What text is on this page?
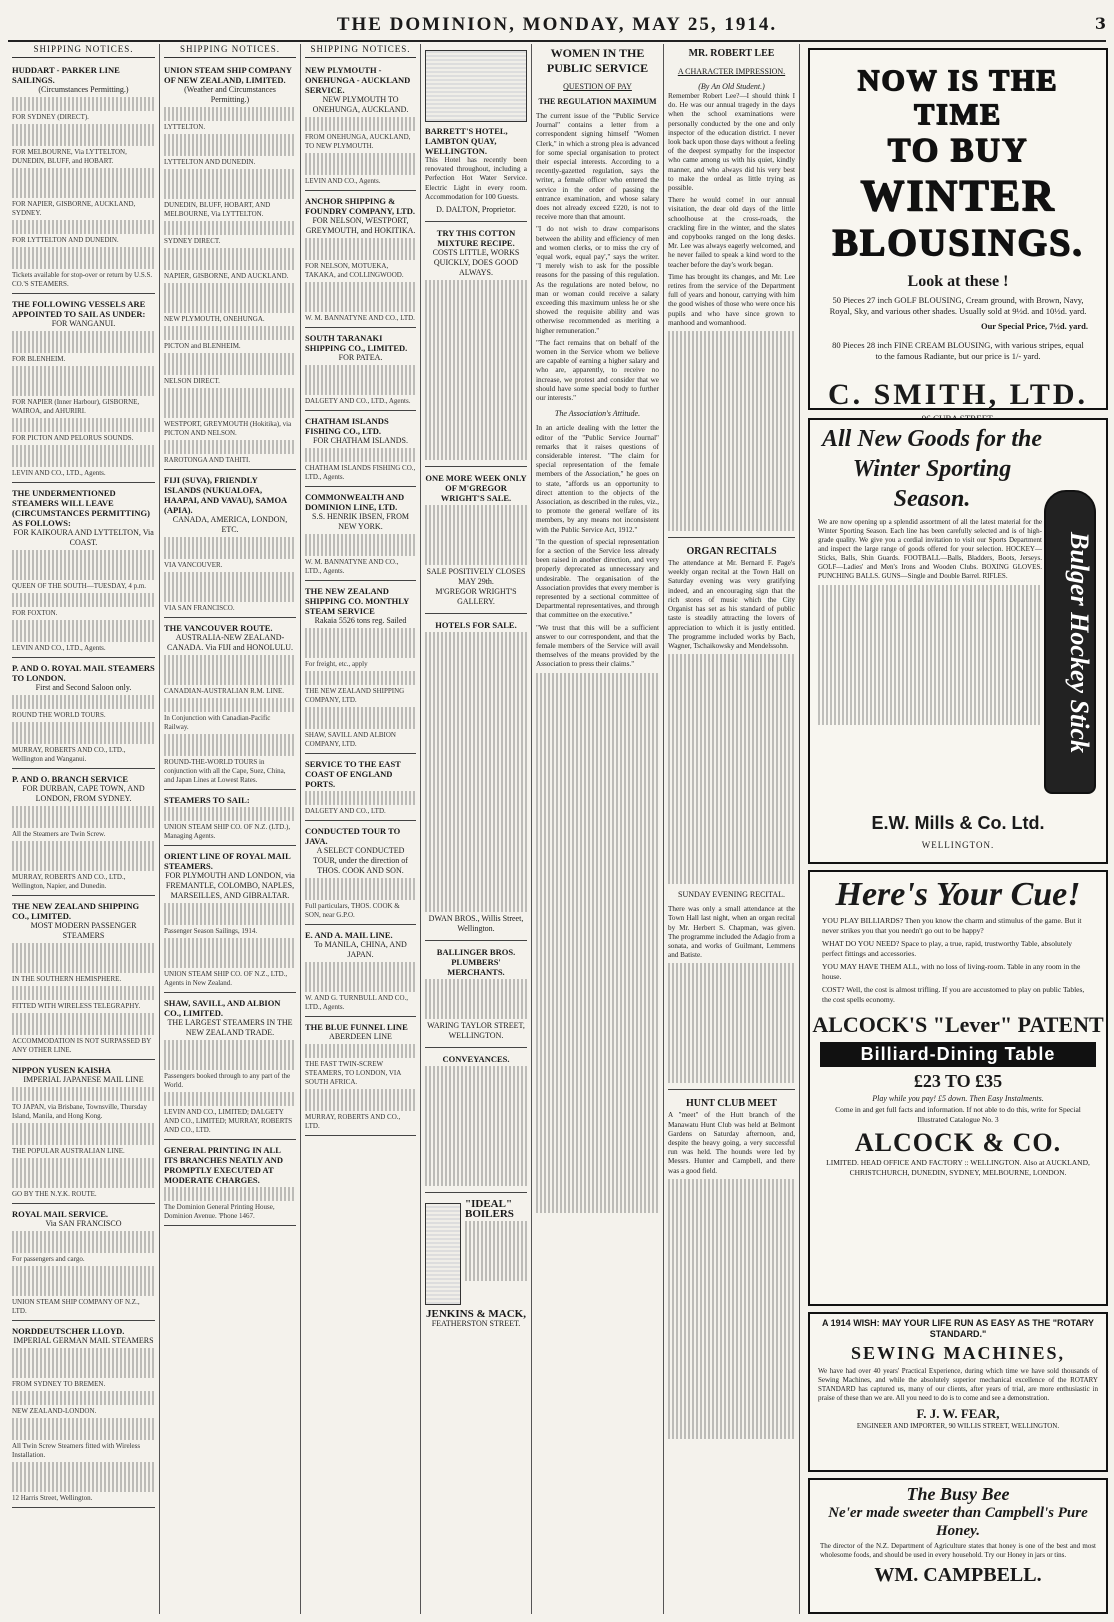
THE DOMINION, MONDAY, MAY 25, 1914.	3
SHIPPING NOTICES.
HUDDART - PARKER LINE SAILINGS.
(Circumstances Permitting.)
FOR SYDNEY (DIRECT).
FOR MELBOURNE, Via LYTTELTON, DUNEDIN, BLUFF, and HOBART.
FOR NAPIER, GISBORNE, AUCKLAND, SYDNEY.
FOR LYTTELTON AND DUNEDIN.
Tickets available for stop-over or return by U.S.S. CO.'S STEAMERS.
THE FOLLOWING VESSELS ARE APPOINTED TO SAIL AS UNDER:
FOR WANGANUI.
FOR BLENHEIM.
FOR NAPIER (Inner Harbour), GISBORNE, WAIROA, and AHURIRI.
FOR PICTON AND PELORUS SOUNDS.
LEVIN AND CO., LTD., Agents.
THE UNDERMENTIONED STEAMERS WILL LEAVE (CIRCUMSTANCES PERMITTING) AS FOLLOWS:
FOR KAIKOURA AND LYTTELTON, Via COAST.
QUEEN OF THE SOUTH—TUESDAY, 4 p.m.
FOR FOXTON.
LEVIN AND CO., LTD., Agents.
P. AND O. ROYAL MAIL STEAMERS TO LONDON.
First and Second Saloon only.
ROUND THE WORLD TOURS.
MURRAY, ROBERTS AND CO., LTD., Wellington and Wanganui.
P. AND O. BRANCH SERVICE
FOR DURBAN, CAPE TOWN, AND LONDON, FROM SYDNEY.
All the Steamers are Twin Screw.
MURRAY, ROBERTS AND CO., LTD., Wellington, Napier, and Dunedin.
THE NEW ZEALAND SHIPPING CO., LIMITED.
MOST MODERN PASSENGER STEAMERS
IN THE SOUTHERN HEMISPHERE.
FITTED WITH WIRELESS TELEGRAPHY.
ACCOMMODATION IS NOT SURPASSED BY ANY OTHER LINE.
NIPPON YUSEN KAISHA
IMPERIAL JAPANESE MAIL LINE
TO JAPAN, via Brisbane, Townsville, Thursday Island, Manila, and Hong Kong.
THE POPULAR AUSTRALIAN LINE.
GO BY THE N.Y.K. ROUTE.
ROYAL MAIL SERVICE.
Via SAN FRANCISCO
For passengers and cargo.
UNION STEAM SHIP COMPANY OF N.Z., LTD.
NORDDEUTSCHER LLOYD.
IMPERIAL GERMAN MAIL STEAMERS
FROM SYDNEY TO BREMEN.
NEW ZEALAND-LONDON.
All Twin Screw Steamers fitted with Wireless Installation.
12 Harris Street, Wellington.
SHIPPING NOTICES.
UNION STEAM SHIP COMPANY OF NEW ZEALAND, LIMITED.
(Weather and Circumstances Permitting.)
LYTTELTON.
LYTTELTON AND DUNEDIN.
DUNEDIN, BLUFF, HOBART, AND MELBOURNE, Via LYTTELTON.
SYDNEY DIRECT.
NAPIER, GISBORNE, AND AUCKLAND.
NEW PLYMOUTH, ONEHUNGA.
PICTON and BLENHEIM.
NELSON DIRECT.
WESTPORT, GREYMOUTH (Hokitika), via PICTON AND NELSON.
RAROTONGA AND TAHITI.
FIJI (SUVA), FRIENDLY ISLANDS (NUKUALOFA, HAAPAI, AND VAVAU), SAMOA (APIA).
CANADA, AMERICA, LONDON, ETC.
VIA VANCOUVER.
VIA SAN FRANCISCO.
THE VANCOUVER ROUTE.
AUSTRALIA-NEW ZEALAND-CANADA. Via FIJI and HONOLULU.
CANADIAN-AUSTRALIAN R.M. LINE.
In Conjunction with Canadian-Pacific Railway.
ROUND-THE-WORLD TOURS in conjunction with all the Cape, Suez, China, and Japan Lines at Lowest Rates.
STEAMERS TO SAIL:
UNION STEAM SHIP CO. OF N.Z. (LTD.), Managing Agents.
ORIENT LINE OF ROYAL MAIL STEAMERS.
FOR PLYMOUTH AND LONDON, via FREMANTLE, COLOMBO, NAPLES, MARSEILLES, AND GIBRALTAR.
Passenger Season Sailings, 1914.
UNION STEAM SHIP CO. OF N.Z., LTD., Agents in New Zealand.
SHAW, SAVILL, AND ALBION CO., LIMITED.
THE LARGEST STEAMERS IN THE NEW ZEALAND TRADE.
Passengers booked through to any part of the World.
LEVIN AND CO., LIMITED; DALGETY AND CO., LIMITED; MURRAY, ROBERTS AND CO., LTD.
GENERAL PRINTING IN ALL ITS BRANCHES NEATLY AND PROMPTLY EXECUTED AT MODERATE CHARGES.
The Dominion General Printing House, Dominion Avenue. 'Phone 1467.
SHIPPING NOTICES.
NEW PLYMOUTH - ONEHUNGA - AUCKLAND SERVICE.
NEW PLYMOUTH TO ONEHUNGA, AUCKLAND.
FROM ONEHUNGA, AUCKLAND, TO NEW PLYMOUTH.
LEVIN AND CO., Agents.
ANCHOR SHIPPING & FOUNDRY COMPANY, LTD.
FOR NELSON, WESTPORT, GREYMOUTH, and HOKITIKA.
FOR NELSON, MOTUEKA, TAKAKA, and COLLINGWOOD.
W. M. BANNATYNE AND CO., LTD.
SOUTH TARANAKI SHIPPING CO., LIMITED.
FOR PATEA.
DALGETY AND CO., LTD., Agents.
CHATHAM ISLANDS FISHING CO., LTD.
FOR CHATHAM ISLANDS.
CHATHAM ISLANDS FISHING CO., LTD., Agents.
COMMONWEALTH AND DOMINION LINE, LTD.
S.S. HENRIK IBSEN, FROM NEW YORK.
W. M. BANNATYNE AND CO., LTD., Agents.
THE NEW ZEALAND SHIPPING CO. MONTHLY STEAM SERVICE
Rakaia 5526 tons reg. Sailed
For freight, etc., apply
THE NEW ZEALAND SHIPPING COMPANY, LTD.
SHAW, SAVILL AND ALBION COMPANY, LTD.
SERVICE TO THE EAST COAST OF ENGLAND PORTS.
DALGETY AND CO., LTD.
CONDUCTED TOUR TO JAVA.
A SELECT CONDUCTED TOUR, under the direction of THOS. COOK AND SON.
Full particulars, THOS. COOK & SON, near G.P.O.
E. AND A. MAIL LINE.
To MANILA, CHINA, AND JAPAN.
W. AND G. TURNBULL AND CO., LTD., Agents.
THE BLUE FUNNEL LINE
ABERDEEN LINE
THE FAST TWIN-SCREW STEAMERS, TO LONDON, VIA SOUTH AFRICA.
MURRAY, ROBERTS AND CO., LTD.
BARRETT'S HOTEL, LAMBTON QUAY, WELLINGTON.
This Hotel has recently been renovated throughout, including a Perfection Hot Water Service. Electric Light in every room. Accommodation for 100 Guests.
D. DALTON, Proprietor.
TRY THIS COTTON MIXTURE RECIPE.
COSTS LITTLE, WORKS QUICKLY, DOES GOOD ALWAYS.
ONE MORE WEEK ONLY OF M'GREGOR WRIGHT'S SALE.
SALE POSITIVELY CLOSES MAY 29th.
M'GREGOR WRIGHT'S GALLERY.
HOTELS FOR SALE.
DWAN BROS., Willis Street, Wellington.
BALLINGER BROS. PLUMBERS' MERCHANTS.
WARING TAYLOR STREET, WELLINGTON.
CONVEYANCES.
"IDEAL" BOILERS
JENKINS & MACK,
FEATHERSTON STREET.
WOMEN IN THE PUBLIC SERVICE
QUESTION OF PAY
THE REGULATION MAXIMUM

The current issue of the "Public Service Journal" contains a letter from a correspondent signing himself "Women Clerk," in which a strong plea is advanced for some special organisation to protect their especial interests. According to a recently-gazetted regulation, says the writer, a female officer who entered the service in the order of passing the entrance examination, and whose salary does not already exceed £220, is not to receive more than that amount.

"I do not wish to draw comparisons between the ability and efficiency of men and women clerks, or to miss the cry of 'equal work, equal pay'," says the writer. "I merely wish to ask for the possible reasons for the passing of this regulation. As the regulations are noted below, no man or woman could receive a salary exceeding this maximum unless he or she showed the requisite ability and was otherwise recommended as meriting a higher remuneration."

"The fact remains that on behalf of the women in the Service whom we believe are capable of earning a higher salary and who are, apparently, to receive no increase, we protest and consider that we should have some special body to further our interests."

The Association's Attitude.

In an article dealing with the letter the editor of the "Public Service Journal" remarks that it raises questions of considerable interest. "The claim for special representation of the female members of the Association," he goes on to state, "affords us an opportunity to direct attention to the objects of the Association, as described in the rules, viz., to promote the general welfare of its members, by any means not inconsistent with the Public Service Act, 1912."

"In the question of special representation for a section of the Service less already been raised in another direction, and very properly deprecated as unnecessary and undesirable. The organisation of the Association provides that every member is represented by a sectional committee of Departmental representatives, and through that committee on the executive."

"We trust that this will be a sufficient answer to our correspondent, and that the female members of the Service will avail themselves of the means provided by the Association to press their claims."

MR. ROBERT LEE
A CHARACTER IMPRESSION.
(By An Old Student.)

Remember Robert Lee?—I should think I do. He was our annual tragedy in the days when the school examinations were personally conducted by the one and only inspector of the education district. I never look back upon those days without a feeling of the deepest sympathy for the inspector who came among us with his quiet, kindly manner, and who always did his very best to make the ordeal as little trying as possible.

There he would come! in our annual visitation, the dear old days of the little schoolhouse at the cross-roads, the crackling fire in the winter, and the slates and copybooks ranged on the long desks. Mr. Lee was always eagerly welcomed, and he never failed to speak a kind word to the teacher before the day's work began.

Time has brought its changes, and Mr. Lee retires from the service of the Department full of years and honour, carrying with him the good wishes of those who were once his pupils and who have since grown to manhood and womanhood.

ORGAN RECITALS

The attendance at Mr. Bernard F. Page's weekly organ recital at the Town Hall on Saturday evening was very gratifying indeed, and an encouraging sign that the rich stores of music which the City Organist has set as his standard of public taste is steadily attracting the lovers of appreciation to which it is justly entitled. The programme included works by Bach, Wagner, Tschaikowsky and Mendelssohn.

SUNDAY EVENING RECITAL.

There was only a small attendance at the Town Hall last night, when an organ recital by Mr. Herbert S. Chapman, was given. The programme included the Adagio from a sonata, and works of Guilmant, Lemmens and Batiste.

HUNT CLUB MEET

A "meet" of the Hutt branch of the Manawatu Hunt Club was held at Belmont Gardens on Saturday afternoon, and, despite the heavy going, a very successful run was held. The hounds were led by Messrs. Hunter and Campbell, and there was a good field.

NOW IS THE TIME
TO BUY
WINTER
BLOUSINGS.
Look at these !
50 Pieces 27 inch GOLF BLOUSING, Cream ground, with Brown, Navy, Royal, Sky, and various other shades. Usually sold at 9½d. and 10½d. yard.
Our Special Price, 7½d. yard.
80 Pieces 28 inch FINE CREAM BLOUSING, with various stripes, equal to the famous Radiante, but our price is 1/- yard.
C. SMITH, LTD.
All New Goods for the Winter Sporting Season.
We are now opening up a splendid assortment of all the latest material for the Winter Sporting Season. Each line has been carefully selected and is of high-grade quality. We give you a cordial invitation to visit our Sports Department and inspect the large range of goods offered for your selection. HOCKEY—Sticks, Balls, Shin Guards. FOOTBALL—Balls, Bladders, Boots, Jerseys. GOLF—Ladies' and Men's Irons and Wooden Clubs. BOXING GLOVES. PUNCHING BALLS. GUNS—Single and Double Barrel. RIFLES.	Bulger Hockey Stick
E.W. Mills & Co. Ltd.
WELLINGTON.
Here's Your Cue!
YOU PLAY BILLIARDS? Then you know the charm and stimulus of the game. But it never strikes you that you needn't go out to be happy?
WHAT DO YOU NEED? Space to play, a true, rapid, trustworthy Table, absolutely perfect fittings and accessories.
YOU MAY HAVE THEM ALL, with no loss of living-room. Table in any room in the house.
COST? Well, the cost is almost trifling. If you are accustomed to play on public Tables, the cost spells economy.
ALCOCK'S "Lever" PATENT
Billiard-Dining Table
£23 TO £35
Play while you pay! £5 down. Then Easy Instalments.
Come in and get full facts and information. If not able to do this, write for Special Illustrated Catalogue No. 3
ALCOCK & CO.
LIMITED. HEAD OFFICE AND FACTORY :: WELLINGTON. Also at AUCKLAND, CHRISTCHURCH, DUNEDIN, SYDNEY, MELBOURNE, LONDON.
A 1914 WISH: MAY YOUR LIFE RUN AS EASY AS THE "ROTARY STANDARD."
SEWING MACHINES,
We have had over 40 years' Practical Experience, during which time we have sold thousands of Sewing Machines, and while the absolutely superior mechanical excellence of the ROTARY STANDARD has captured us, many of our clients, after years of trial, are more enthusiastic in praise of these than we are. All you need to do is to come and see a demonstration.
F. J. W. FEAR,
ENGINEER AND IMPORTER, 90 WILLIS STREET, WELLINGTON.
The Busy Bee
Ne'er made sweeter than Campbell's Pure Honey.
The director of the N.Z. Department of Agriculture states that honey is one of the best and most wholesome foods, and should be used in every household. Try our Honey in jars or tins.
WM. CAMPBELL.
